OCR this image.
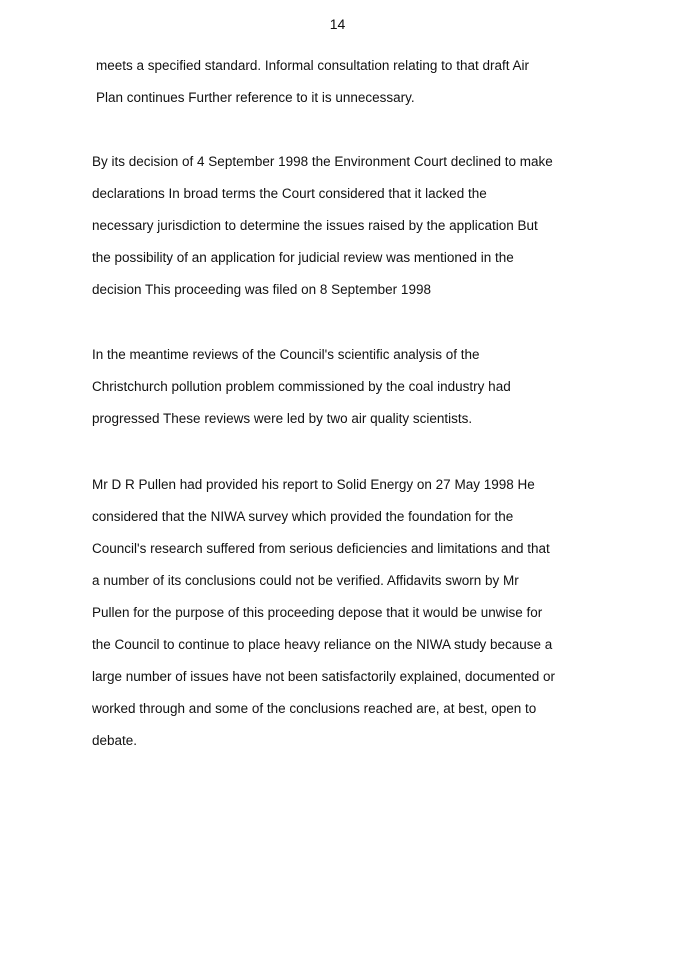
14
meets a specified standard. Informal consultation relating to that draft Air
Plan continues Further reference to it is unnecessary.
By its decision of 4 September 1998 the Environment Court declined to make
declarations In broad terms the Court considered that it lacked the
necessary jurisdiction to determine the issues raised by the application But
the possibility of an application for judicial review was mentioned in the
decision This proceeding was filed on 8 September 1998
In the meantime reviews of the Council's scientific analysis of the
Christchurch pollution problem commissioned by the coal industry had
progressed These reviews were led by two air quality scientists.
Mr D R Pullen had provided his report to Solid Energy on 27 May 1998 He
considered that the NIWA survey which provided the foundation for the
Council's research suffered from serious deficiencies and limitations and that
a number of its conclusions could not be verified. Affidavits sworn by Mr
Pullen for the purpose of this proceeding depose that it would be unwise for
the Council to continue to place heavy reliance on the NIWA study because a
large number of issues have not been satisfactorily explained, documented or
worked through and some of the conclusions reached are, at best, open to
debate.
